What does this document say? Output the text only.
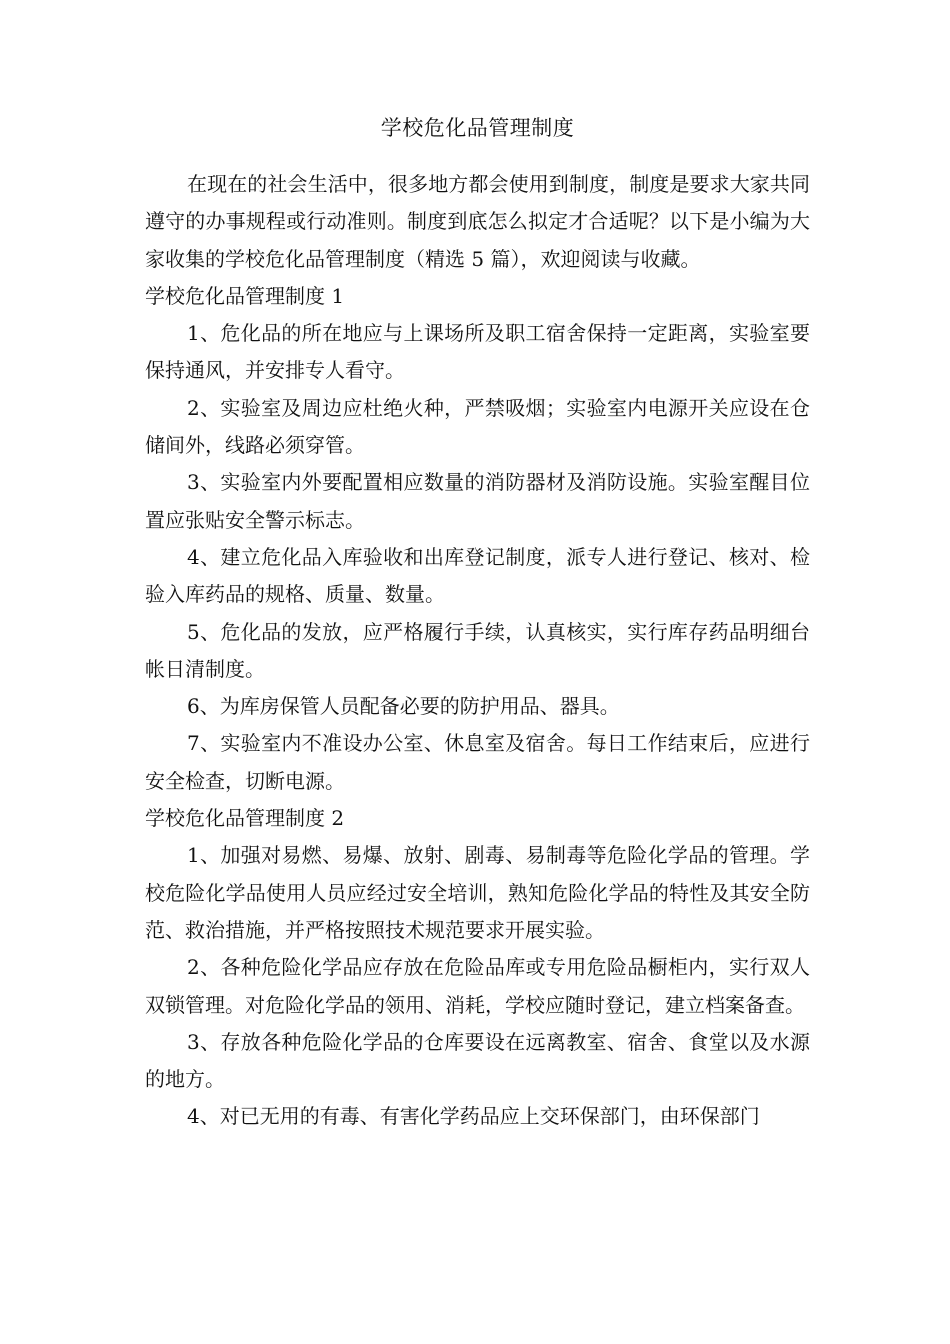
学校危化品管理制度

在现在的社会生活中，很多地方都会使用到制度，制度是要求大家共同遵守的办事规程或行动准则。制度到底怎么拟定才合适呢？以下是小编为大家收集的学校危化品管理制度（精选 5 篇），欢迎阅读与收藏。

学校危化品管理制度 1

1、危化品的所在地应与上课场所及职工宿舍保持一定距离，实验室要保持通风，并安排专人看守。

2、实验室及周边应杜绝火种，严禁吸烟；实验室内电源开关应设在仓储间外，线路必须穿管。

3、实验室内外要配置相应数量的消防器材及消防设施。实验室醒目位置应张贴安全警示标志。

4、建立危化品入库验收和出库登记制度，派专人进行登记、核对、检验入库药品的规格、质量、数量。

5、危化品的发放，应严格履行手续，认真核实，实行库存药品明细台帐日清制度。

6、为库房保管人员配备必要的防护用品、器具。

7、实验室内不准设办公室、休息室及宿舍。每日工作结束后，应进行安全检查，切断电源。

学校危化品管理制度 2

1、加强对易燃、易爆、放射、剧毒、易制毒等危险化学品的管理。学校危险化学品使用人员应经过安全培训，熟知危险化学品的特性及其安全防范、救治措施，并严格按照技术规范要求开展实验。

2、各种危险化学品应存放在危险品库或专用危险品橱柜内，实行双人双锁管理。对危险化学品的领用、消耗，学校应随时登记，建立档案备查。

3、存放各种危险化学品的仓库要设在远离教室、宿舍、食堂以及水源的地方。

4、对已无用的有毒、有害化学药品应上交环保部门，由环保部门
